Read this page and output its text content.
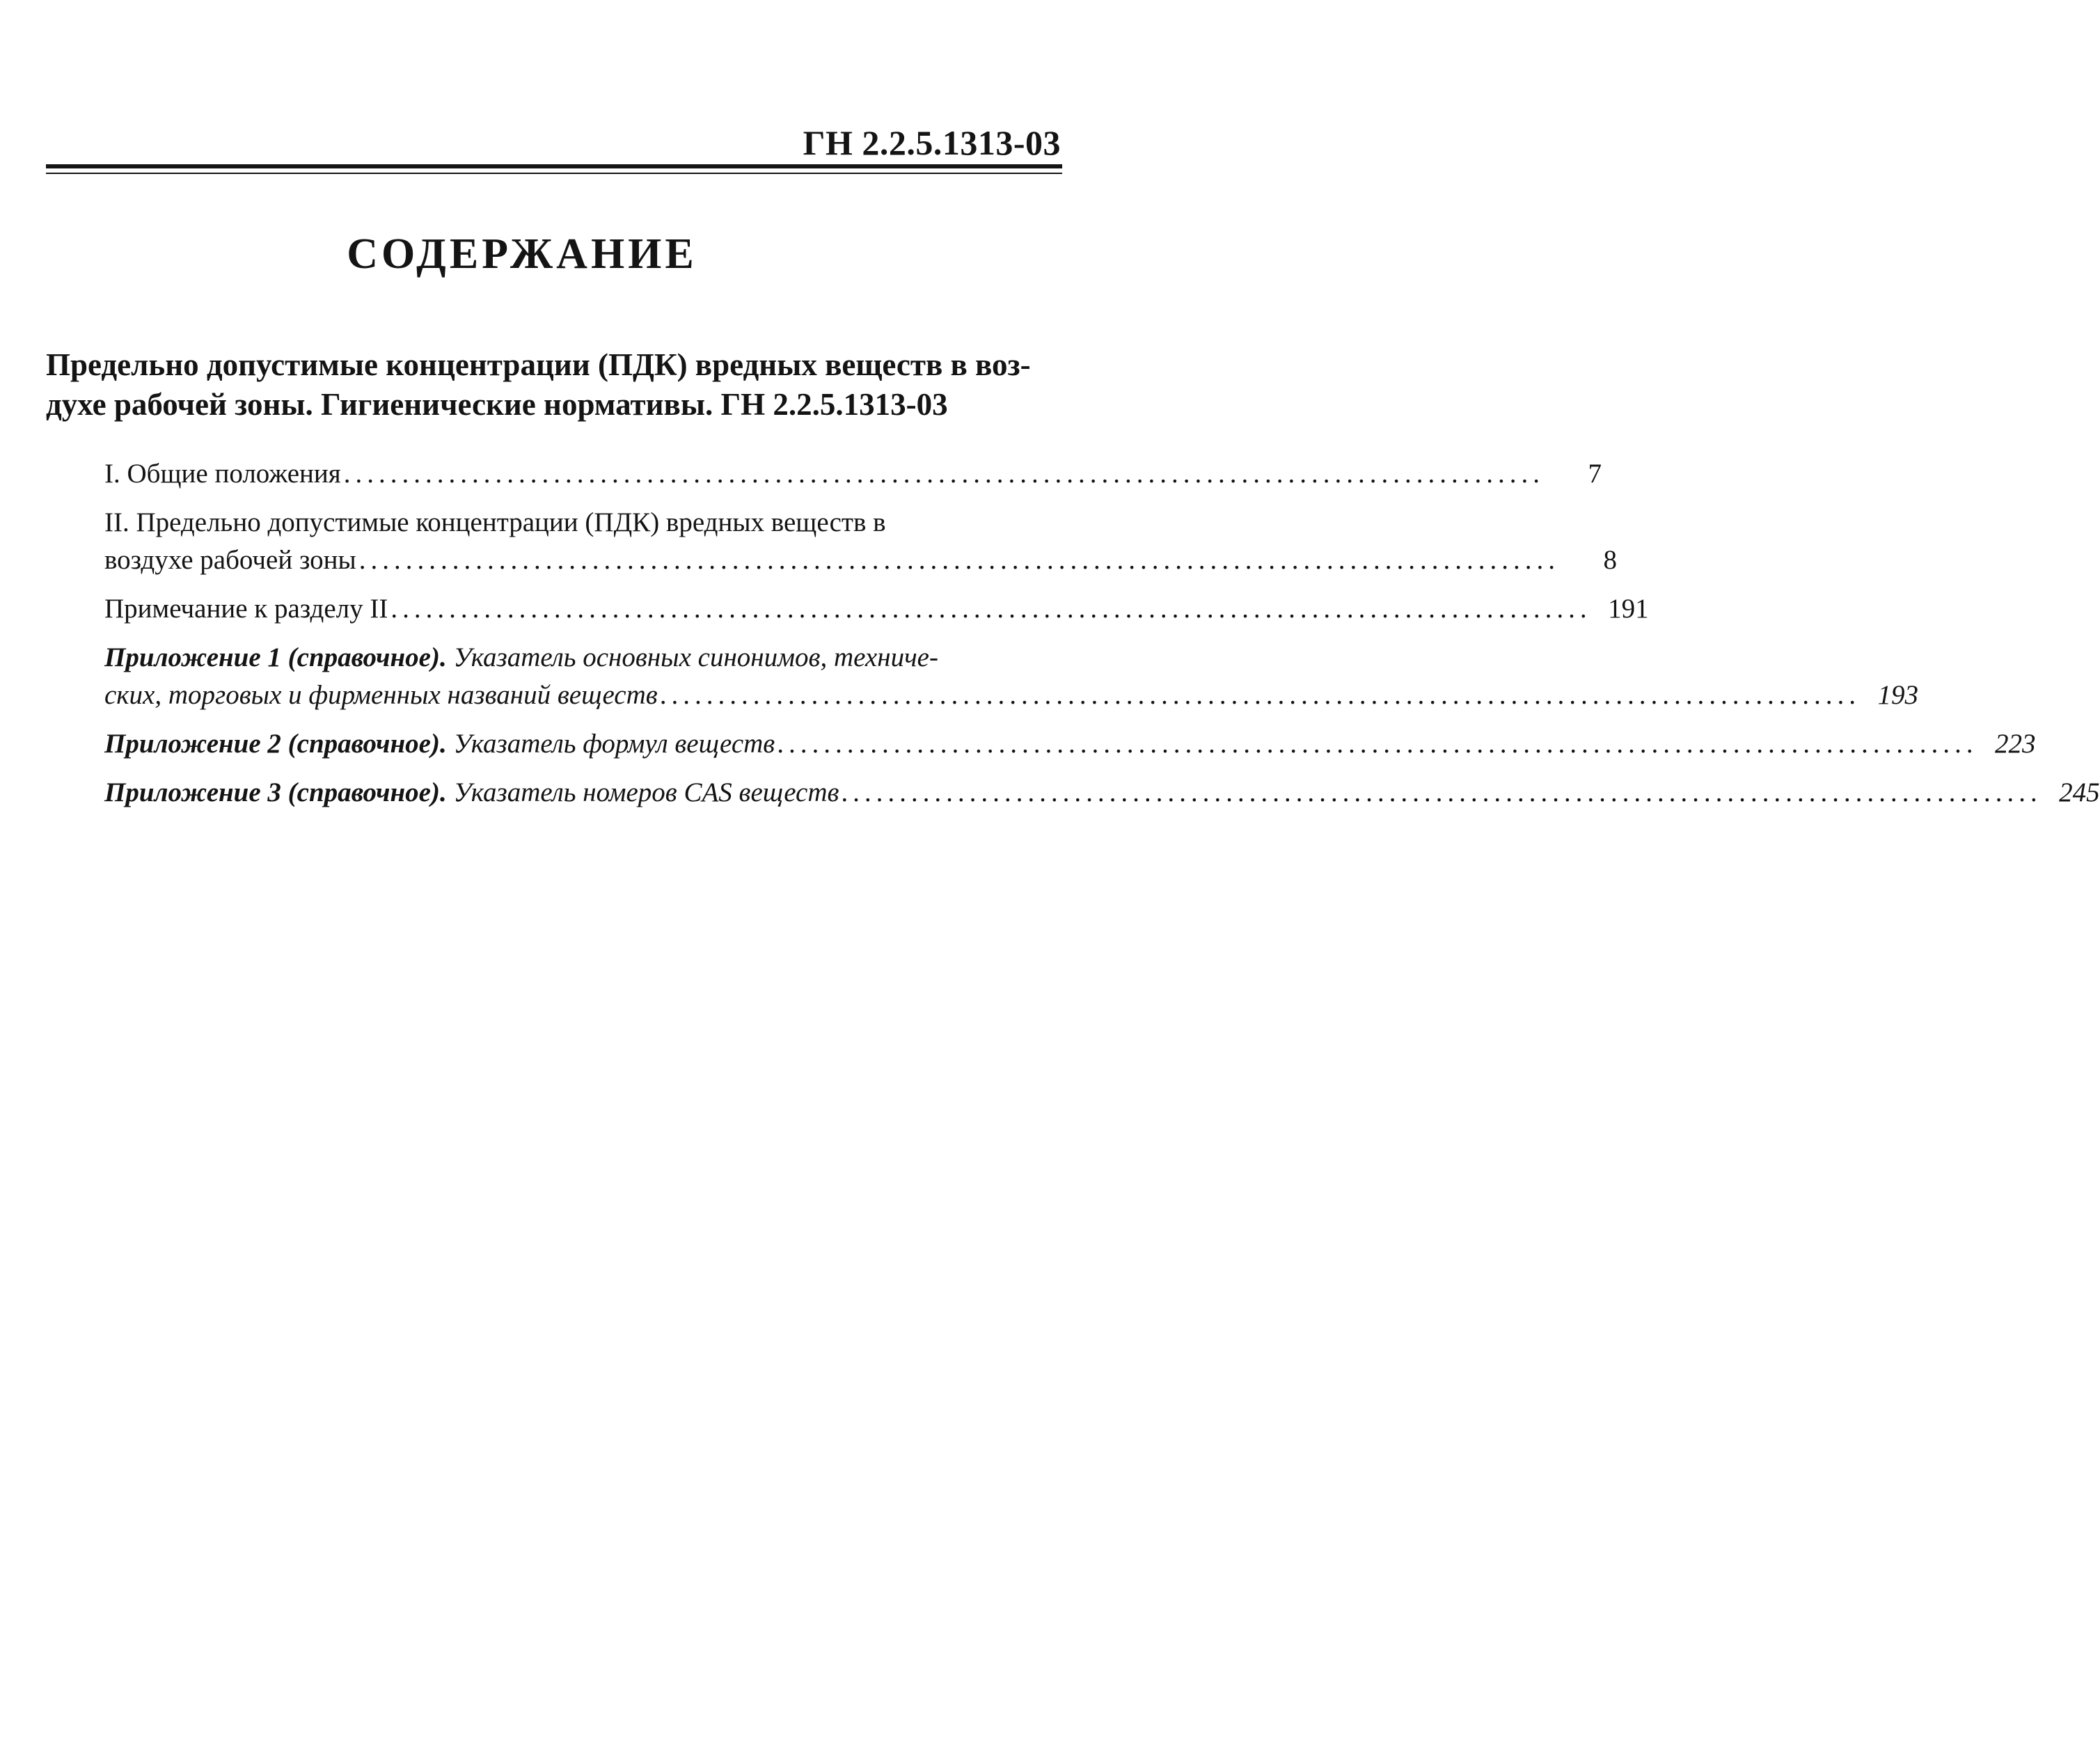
ГН 2.2.5.1313-03
СОДЕРЖАНИЕ
Предельно допустимые концентрации (ПДК) вредных веществ в воз-
духе рабочей зоны. Гигиенические нормативы. ГН 2.2.5.1313-03
I. Общие положения .......................................................................................................	7
II. Предельно допустимые концентрации (ПДК) вредных веществ в
воздухе рабочей зоны .......................................................................................................	8
Примечание к разделу II ....................................................................................................... 191
Приложение 1 (справочное). Указатель основных синонимов, техниче-
ских, торговых и фирменных названий веществ ....................................................................................................... 193
Приложение 2 (справочное). Указатель формул веществ ....................................................................................................... 223
Приложение 3 (справочное). Указатель номеров CAS веществ ....................................................................................................... 245
